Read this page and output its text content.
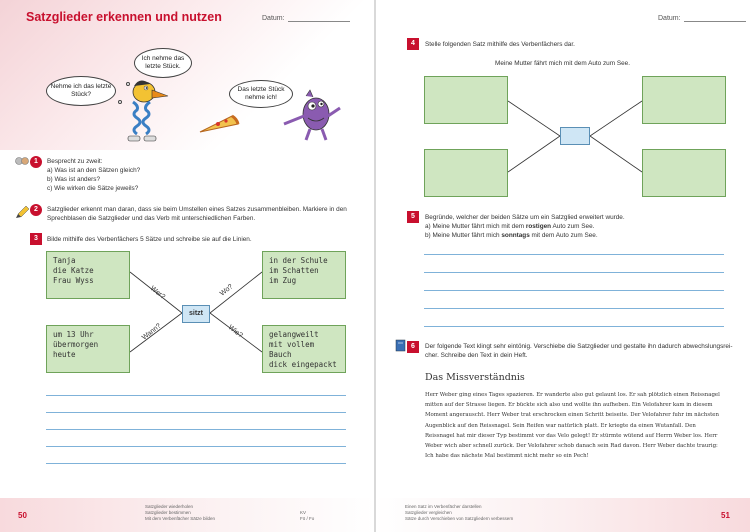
Satzglieder erkennen und nutzen	Datum:
Nehme ich das letzte Stück?
Ich nehme das letzte Stück.
Das letzte Stück nehme ich!
1	Besprecht zu zweit:
a) Was ist an den Sätzen gleich?
b) Was ist anders?
c) Wie wirken die Sätze jeweils?
2	Satzglieder erkennt man daran, dass sie beim Umstellen eines Satzes zusammenbleiben. Markiere in den
Sprechblasen die Satzglieder und das Verb mit unterschiedlichen Farben.
3	Bilde mithilfe des Verbenfächers 5 Sätze und schreibe sie auf die Linien.
Wer?	Wo?
Wann?	Wie?
Tanja
die Katze
Frau Wyss
in der Schule
im Schatten
im Zug
um 13 Uhr
übermorgen
heute
gelangweilt
mit vollem Bauch
dick eingepackt
sitzt
50
Satzglieder wiederholen
Satzglieder bestimmen
Mit dem Verbenfächer Sätze bilden
KV
Fö / Fo
Datum:
4	Stelle folgenden Satz mithilfe des Verbenfächers dar.
Meine Mutter fährt mich mit dem Auto zum See.
5	Begründe, welcher der beiden Sätze um ein Satzglied erweitert wurde.
a) Meine Mutter fährt mich mit dem rostigen Auto zum See.
b) Meine Mutter fährt mich sonntags mit dem Auto zum See.
6	Der folgende Text klingt sehr eintönig. Verschiebe die Satzglieder und gestalte ihn dadurch abwechslungsrei-
cher. Schreibe den Text in dein Heft.
51
Einen Satz im Verbenfächer darstellen
Satzglieder vergleichen
Sätze durch Verschieben von Satzgliedern verbessern
Das Missverständnis
Herr Weber ging eines Tages spazieren. Er wanderte also gut gelaunt los. Er sah plötzlich einen Reissnagel mitten auf der Strasse liegen. Er bückte sich also und wollte ihn aufheben. Ein Velofahrer kam in diesem Moment angerauscht. Herr Weber trat erschrocken einen Schritt beiseite. Der Velofahrer fuhr im nächsten Augenblick auf den Reissnagel. Sein Reifen war natürlich platt. Er kriegte da einen Wutanfall. Den Reissnagel hat mir dieser Typ bestimmt vor das Velo gelegt! Er stürmte wütend auf Herrn Weber los. Herr Weber wich aber schnell zurück. Der Velofahrer schob danach sein Rad davon. Herr Weber dachte traurig: Ich habe das nächste Mal bestimmt nicht mehr so ein Pech!
